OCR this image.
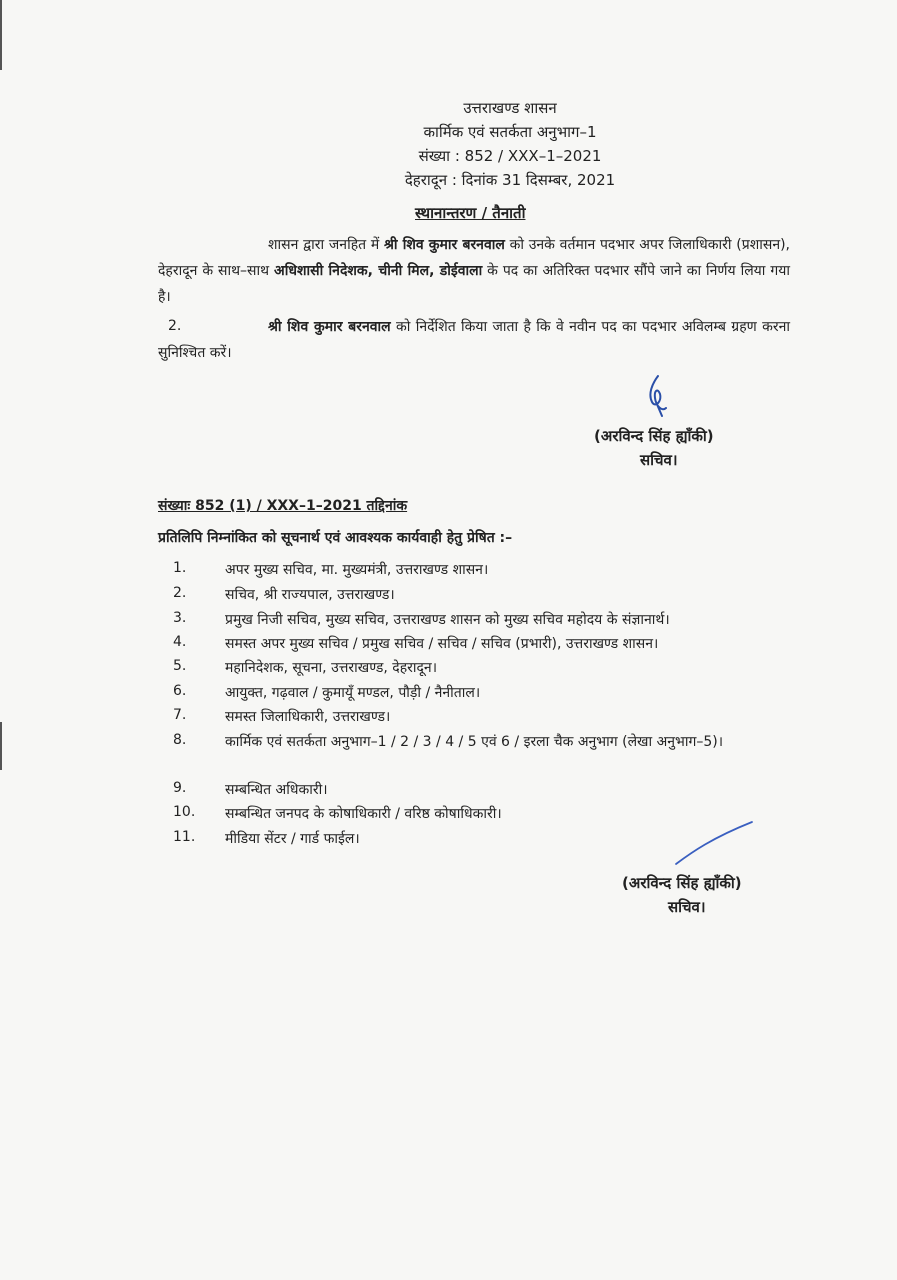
उत्तराखण्ड शासन
कार्मिक एवं सतर्कता अनुभाग–1
संख्या : 852 / XXX–1–2021
देहरादून : दिनांक 31 दिसम्बर, 2021
स्थानान्तरण / तैनाती
शासन द्वारा जनहित में श्री शिव कुमार बरनवाल को उनके वर्तमान पदभार अपर जिलाधिकारी (प्रशासन), देहरादून के साथ–साथ अधिशासी निदेशक, चीनी मिल, डोईवाला के पद का अतिरिक्त पदभार सौंपे जाने का निर्णय लिया गया है।
2.	श्री शिव कुमार बरनवाल को निर्देशित किया जाता है कि वे नवीन पद का पदभार अविलम्ब ग्रहण करना सुनिश्चित करें।
(अरविन्द सिंह ह्याँकी)
सचिव।
संख्याः 852 (1) / XXX–1–2021 तद्दिनांक
प्रतिलिपि निम्नांकित को सूचनार्थ एवं आवश्यक कार्यवाही हेतु प्रेषित :–
1.	अपर मुख्य सचिव, मा. मुख्यमंत्री, उत्तराखण्ड शासन।
2.	सचिव, श्री राज्यपाल, उत्तराखण्ड।
3.	प्रमुख निजी सचिव, मुख्य सचिव, उत्तराखण्ड शासन को मुख्य सचिव महोदय के संज्ञानार्थ।
4.	समस्त अपर मुख्य सचिव / प्रमुख सचिव / सचिव / सचिव (प्रभारी), उत्तराखण्ड शासन।
5.	महानिदेशक, सूचना, उत्तराखण्ड, देहरादून।
6.	आयुक्त, गढ़वाल / कुमायूँ मण्डल, पौड़ी / नैनीताल।
7.	समस्त जिलाधिकारी, उत्तराखण्ड।
8.	कार्मिक एवं सतर्कता अनुभाग–1 / 2 / 3 / 4 / 5 एवं 6 / इरला चैक अनुभाग (लेखा अनुभाग–5)।
9.	सम्बन्धित अधिकारी।
10.	सम्बन्धित जनपद के कोषाधिकारी / वरिष्ठ कोषाधिकारी।
11.	मीडिया सेंटर / गार्ड फाईल।
(अरविन्द सिंह ह्याँकी)
सचिव।
